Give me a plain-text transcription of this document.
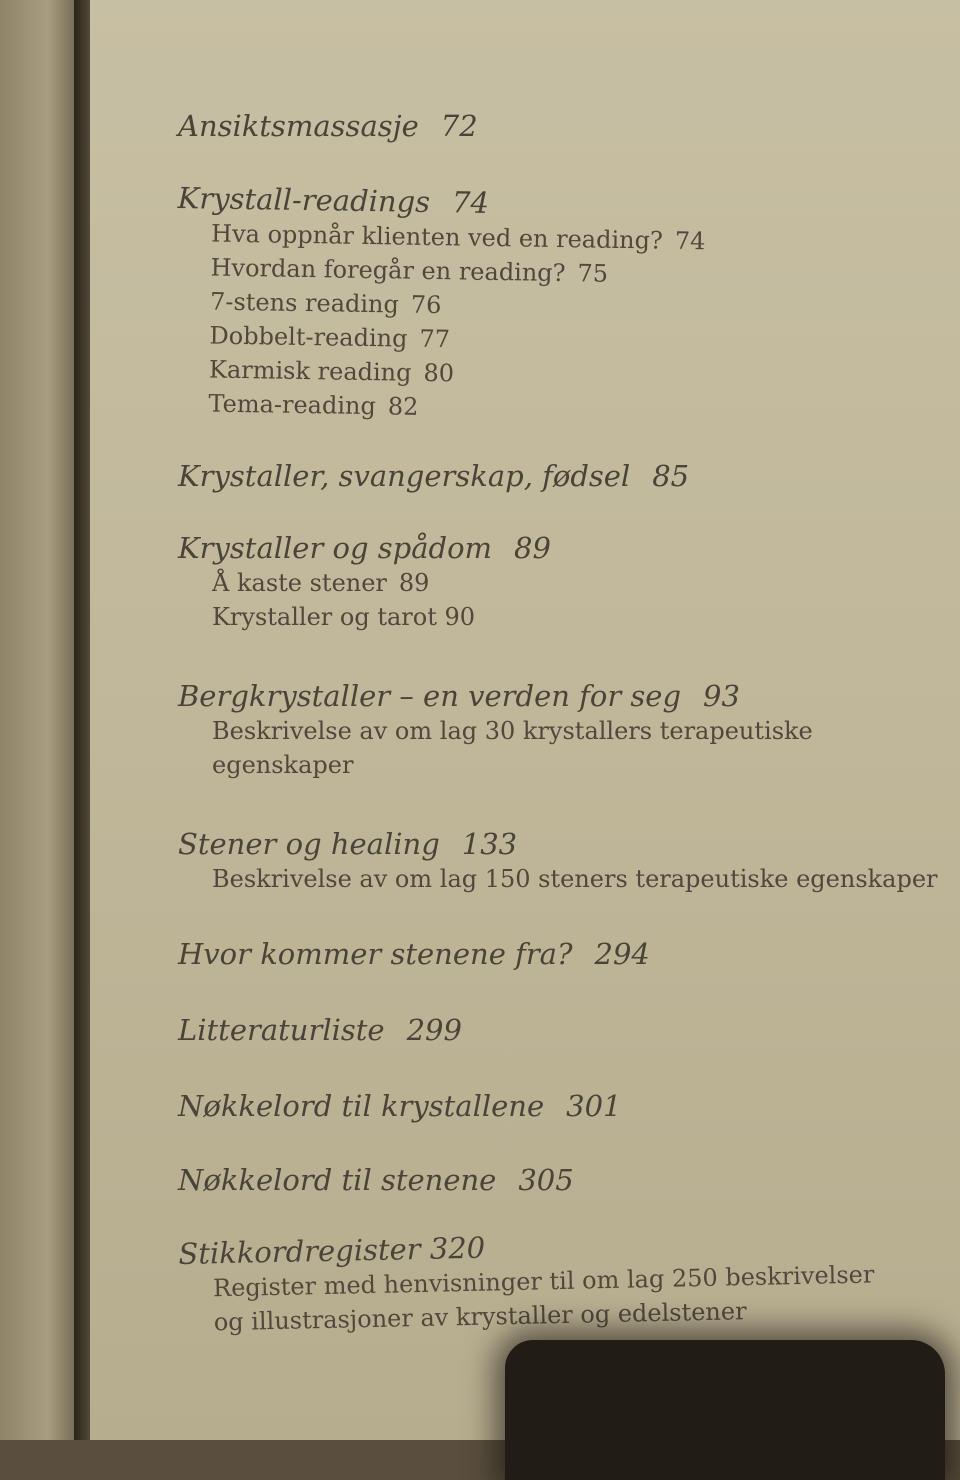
Ansiktsmassasje 72
Krystall-readings 74
Hva oppnår klienten ved en reading? 74
Hvordan foregår en reading? 75
7-stens reading 76
Dobbelt-reading 77
Karmisk reading 80
Tema-reading 82
Krystaller, svangerskap, fødsel 85
Krystaller og spådom 89
Å kaste stener 89
Krystaller og tarot 90
Bergkrystaller – en verden for seg 93
Beskrivelse av om lag 30 krystallers terapeutiske egenskaper
Stener og healing 133
Beskrivelse av om lag 150 steners terapeutiske egenskaper
Hvor kommer stenene fra? 294
Litteraturliste 299
Nøkkelord til krystallene 301
Nøkkelord til stenene 305
Stikkordregister 320
Register med henvisninger til om lag 250 beskrivelser og illustrasjoner av krystaller og edelstener
